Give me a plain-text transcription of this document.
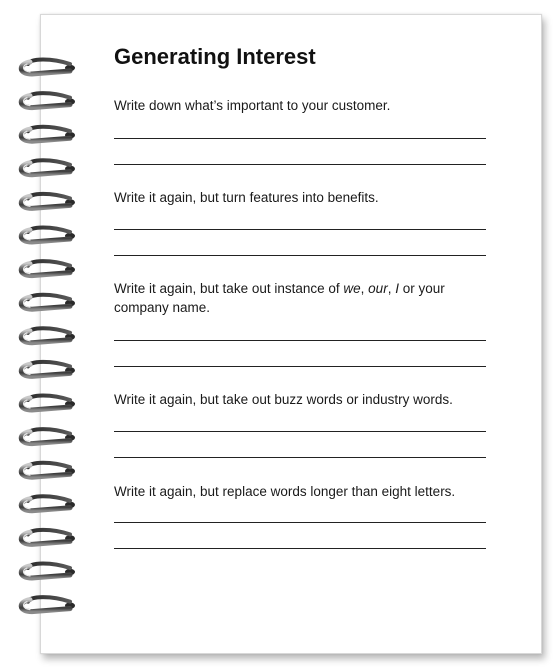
Generating Interest
Write down what’s important to your customer.
Write it again, but turn features into benefits.
Write it again, but take out instance of we, our, I or your company name.
Write it again, but take out buzz words or industry words.
Write it again, but replace words longer than eight letters.
